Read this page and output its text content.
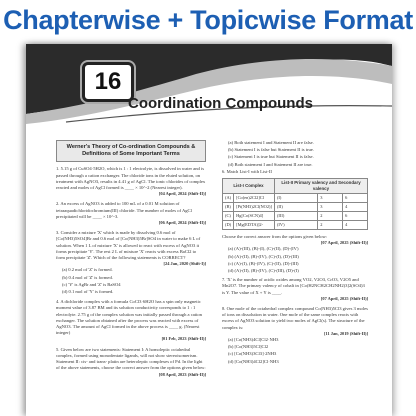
Chapterwise + Topicwise Format
16
Coordination Compounds
Werner's Theory of Co-ordination Compounds & Definitions of Some Important Terms
1. 5.15 g of CuSO4·5H2O, which is 1 : 1 electrolyte, is dissolved in water and is passed through a cation exchanger. The chloride ions in the eluted solution, on treatment with AgNO3, results in 4.41 g of AgCl. The ionic chlorides of complex reacted and moles of AgCl formed is ____ × 10^-2 (Nearest integer).
[04 April, 2024 (Shift-II)]
2. An excess of AgNO3 is added to 100 mL of a 0.01 M solution of tetraaquadichloridochromium(III) chloride. The number of moles of AgCl precipitated will be ____ × 10^-3.
[06 April, 2024 (Shift-II)]
3. Consider a mixture 'X' which is made by dissolving 0.6 mol of [Co(NH3)5SO4]Br and 0.6 mol of [Co(NH3)5Br]SO4 in water to make 6 L of solution. When 1 L of mixture 'X' is allowed to react with excess of AgNO3 it forms precipitate 'Y'. The rest 2 L of mixture 'X' reacts with excess BaCl2 to form precipitate 'Z'. Which of the following statements is CORRECT?
[24 Jan, 2020 (Shift-I)]
(a) 0.2 mol of 'Z' is formed.
(b) 0.4 mol of 'Z' is formed.
(c) 'Y' is AgBr and 'Z' is BaSO4
(d) 0.1 mol of 'Y' is formed.
4. A dichloride complex with a formula CoCl3·6H2O has a spin only magnetic moment value of 3.87 BM and its solution conductivity corresponds to 1 : 1 electrolyte. 2.75 g of the complex solution was initially passed through a cation exchanger. The solution obtained after the process was reacted with excess of AgNO3. The amount of AgCl formed in the above process is ____ g. (Nearest integer)
[01 Feb, 2023 (Shift-II)]
5. Given below are two statements: Statement I: A homoleptic octahedral complex, formed using monodentate ligands, will not show stereoisomerism. Statement II: cis- and trans- platin are heteroleptic complexes of Pd. In the light of the above statements, choose the correct answer from the options given below:
[08 April, 2023 (Shift-II)]
(a) Both statement I and Statement II are false.
(b) Statement I is false but Statement II is true.
(c) Statement I is true but Statement II is false.
(d) Both statement I and Statement II are true.
6. Match List-I with List-II
List-I Complex		List-II Primary valency and Secondary valency		
(A)	[Co(en)2Cl2]Cl	(I)	3	6
(B)	[Pt(NH3)2Cl(NO2)]	(II)	3	4
(C)	Hg[Co(SCN)4]	(III)	2	6
(D)	[Mg(EDTA)]2-	(IV)	2	4
Choose the correct answer from the options given below:
[07 April, 2025 (Shift-II)]
(a) (A)-(III), (B)-(I), (C)-(II), (D)-(IV)
(b) (A)-(II), (B)-(IV), (C)-(I), (D)-(III)
(c) (A)-(I), (B)-(IV), (C)-(II), (D)-(III)
(d) (A)-(II), (B)-(IV), (C)-(III), (D)-(I)
7. 'X' is the number of acidic oxides among VO2, V2O3, CrO3, V2O5 and Mn2O7. The primary valency of cobalt in [Co(H2NCH2CH2NH2)3]2(SO4)3 is Y. The value of X + Y is ____.
[07 April, 2025 (Shift-II)]
8. One mole of the octahedral complex compound Co(NH3)5Cl3 gives 3 moles of ions on dissolution in water. One mole of the same complex reacts with excess of AgNO3 solution to yield two moles of AgCl(s). The structure of the complex is:
[11 Jan, 2019 (Shift-II)]
(a) [Co(NH3)4Cl]Cl2·NH3
(b) [Co(NH3)5Cl]Cl2
(c) [Co(NH3)3Cl3]·2NH3
(d) [Co(NH3)4Cl2]Cl·NH3
